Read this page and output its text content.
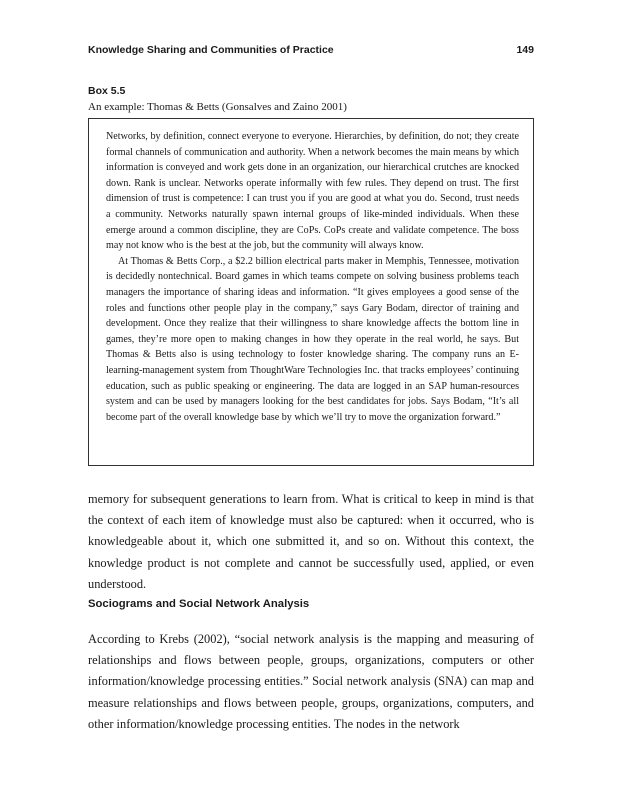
Knowledge Sharing and Communities of Practice	149
Box 5.5
An example: Thomas & Betts (Gonsalves and Zaino 2001)

Networks, by definition, connect everyone to everyone. Hierarchies, by definition, do not; they create formal channels of communication and authority. When a network becomes the main means by which information is conveyed and work gets done in an organization, our hierarchical crutches are knocked down. Rank is unclear. Networks operate informally with few rules. They depend on trust. The first dimension of trust is competence: I can trust you if you are good at what you do. Second, trust needs a community. Networks naturally spawn internal groups of like-minded individuals. When these emerge around a common discipline, they are CoPs. CoPs create and validate competence. The boss may not know who is the best at the job, but the community will always know.

At Thomas & Betts Corp., a $2.2 billion electrical parts maker in Memphis, Tennessee, motivation is decidedly nontechnical. Board games in which teams compete on solving business problems teach managers the importance of sharing ideas and information. “It gives employees a good sense of the roles and functions other people play in the company,” says Gary Bodam, director of training and development. Once they realize that their willingness to share knowledge affects the bottom line in games, they’re more open to making changes in how they operate in the real world, he says. But Thomas & Betts also is using technology to foster knowledge sharing. The company runs an E-learning-management system from ThoughtWare Technologies Inc. that tracks employees’ continuing education, such as public speaking or engineering. The data are logged in an SAP human-resources system and can be used by managers looking for the best candidates for jobs. Says Bodam, “It’s all become part of the overall knowledge base by which we’ll try to move the organization forward.”

memory for subsequent generations to learn from. What is critical to keep in mind is that the context of each item of knowledge must also be captured: when it occurred, who is knowledgeable about it, which one submitted it, and so on. Without this context, the knowledge product is not complete and cannot be successfully used, applied, or even understood.

Sociograms and Social Network Analysis

According to Krebs (2002), “social network analysis is the mapping and measuring of relationships and flows between people, groups, organizations, computers or other information/knowledge processing entities.” Social network analysis (SNA) can map and measure relationships and flows between people, groups, organizations, computers, and other information/knowledge processing entities. The nodes in the network
